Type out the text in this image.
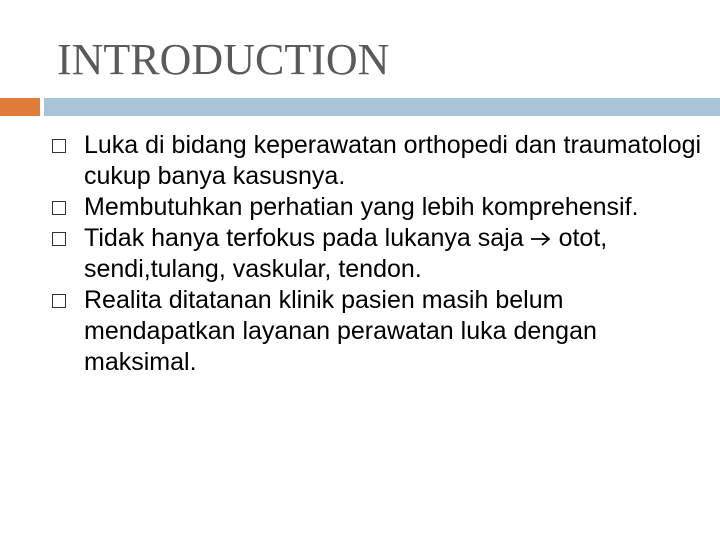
INTRODUCTION
Luka di bidang keperawatan orthopedi dan traumatologi cukup banya kasusnya.
Membutuhkan perhatian yang lebih komprehensif.
Tidak hanya terfokus pada lukanya saja otot, sendi,tulang, vaskular, tendon.
Realita ditatanan klinik pasien masih belum mendapatkan layanan perawatan luka dengan maksimal.
